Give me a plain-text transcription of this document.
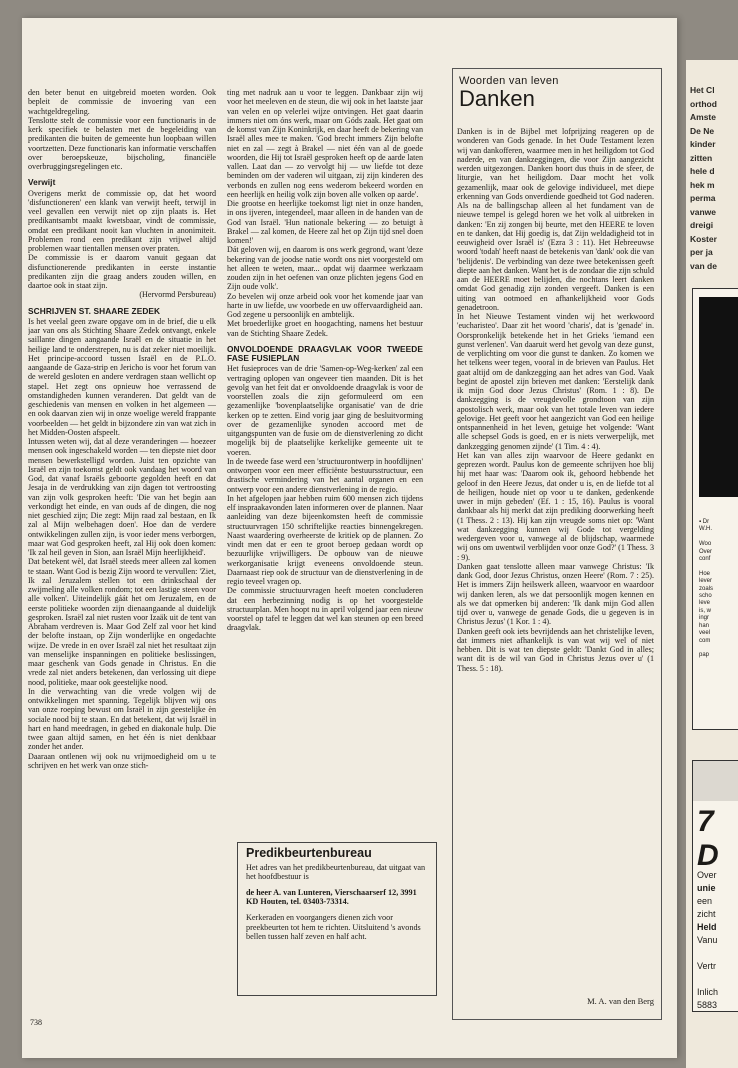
den beter benut en uitgebreid moeten worden. Ook bepleit de commissie de invoering van een wachtgeldregeling.

Tenslotte stelt de commissie voor een functionaris in de kerk specifiek te belasten met de begeleiding van predikanten die buiten de gemeente hun loopbaan willen voortzetten. Deze functionaris kan informatie verschaffen over beroepskeuze, bijscholing, financiële overbruggingsregelingen etc.

Verwijt

Overigens merkt de commissie op, dat het woord 'disfunctioneren' een klank van verwijt heeft, terwijl in veel gevallen een verwijt niet op zijn plaats is. Het predikantsambt maakt kwetsbaar, vindt de commissie, omdat een predikant nooit kan vluchten in anonimiteit. Problemen rond een predikant zijn vrijwel altijd problemen waar tientallen mensen over praten.

De commissie is er daarom vanuit gegaan dat disfunctionerende predikanten in eerste instantie predikanten zijn die graag anders zouden willen, en daartoe ook in staat zijn.

(Hervormd Persbureau)

SCHRIJVEN ST. SHAARE ZEDEK

Is het veelal geen zware opgave om in de brief, die u elk jaar van ons als Stichting Shaare Zedek ontvangt, enkele saillante dingen aangaande Israël en de situatie in het heilige land te onderstrepen, nu is dat zeker niet moeilijk. Het principe-accoord tussen Israël en de P.L.O. aangaande de Gaza-strip en Jericho is voor het forum van de wereld gesloten en andere verdragen staan wellicht op stapel. Het zegt ons opnieuw hoe verrassend de omstandigheden kunnen veranderen. Dat geldt van de geschiedenis van mensen en volken in het algemeen — en ook daarvan zien wij in onze woelige wereld frappante voorbeelden — het geldt in bijzondere zin van wat zich in het Midden-Oosten afspeelt.

Intussen weten wij, dat al deze veranderingen — hoezeer mensen ook ingeschakeld worden — ten diepste niet door mensen bewerkstelligd worden. Juist ten opzichte van Israël en zijn toekomst geldt ook vandaag het woord van God, dat vanaf Israëls geboorte gegolden heeft en dat Jesaja in de verdrukking van zijn dagen tot vertroosting van zijn volk gesproken heeft: 'Die van het begin aan verkondigt het einde, en van ouds af de dingen, die nog niet geschied zijn; Die zegt: Mijn raad zal bestaan, en Ik zal al Mijn welbehagen doen'. Hoe dan de verdere ontwikkelingen zullen zijn, is voor ieder mens verborgen, maar wat God gesproken heeft, zal Hij ook doen komen: 'Ik zal heil geven in Sion, aan Israël Mijn heerlijkheid'.

Dat betekent wèl, dat Israël steeds meer alleen zal komen te staan. Want God is bezig Zijn woord te vervullen: 'Ziet, Ik zal Jeruzalem stellen tot een drinkschaal der zwijmeling alle volken rondom; tot een lastige steen voor alle volken'. Uiteindelijk gáát het om Jeruzalem, en de eerste politieke woorden zijn dienaangaande al duidelijk gesproken. Israël zal niet rusten voor Izaäk uit de tent van Abraham verdreven is. Maar God Zelf zal voor het kind der belofte instaan, op Zijn wonderlijke en ongedachte wijze. De vrede in en over Israël zal niet het resultaat zijn van menselijke inspanningen en politieke beslissingen, maar geschenk van Gods genade in Christus. En die vrede zal niet anders betekenen, dan verlossing uit diepe nood, politieke, maar ook geestelijke nood.

In die verwachting van die vrede volgen wij de ontwikkelingen met spanning. Tegelijk blijven wij ons van onze roeping bewust om Israël in zijn geestelijke èn sociale nood bij te staan. En dat betekent, dat wij Israël in hart en hand meedragen, in gebed en diakonale hulp. Die twee gaan altijd samen, en het één is niet denkbaar zonder het ander.

Daaraan ontlenen wij ook nu vrijmoedigheid om u te schrijven en het werk van onze stich-

ting met nadruk aan u voor te leggen. Dankbaar zijn wij voor het meeleven en de steun, die wij ook in het laatste jaar van velen en op velerlei wijze ontvingen. Het gaat daarin immers niet om óns werk, maar om Góds zaak. Het gaat om de komst van Zijn Koninkrijk, en daar heeft de bekering van Israël alles mee te maken. 'God brecht immers Zijn belofte niet en zal — zegt à Brakel — niet één van al de goede woorden, die Hij tot Israël gesproken heeft op de aarde laten vallen. Laat dan — zo vervolgt hij — uw liefde tot deze beminden om der vaderen wil uitgaan, zij zijn kinderen des verbonds en zullen nog eens wederom bekeerd worden en een heerlijk en heilig volk zijn boven alle volken op aarde'.

Die grootse en heerlijke toekomst ligt niet in onze handen, in ons ijveren, integendeel, maar alleen in de handen van de God van Israël. 'Hun nationale bekering — zo betuigt à Brakel — zal komen, de Heere zal het op Zijn tijd snel doen komen!'

Dát geloven wij, en daarom is ons werk gegrond, want 'deze bekering van de joodse natie wordt ons niet voorgesteld om het alleen te weten, maar... opdat wij daarmee werkzaam zouden zijn in het oefenen van onze plichten jegens God en Zijn oude volk'.

Zo bevelen wij onze arbeid ook voor het komende jaar van harte in uw liefde, uw voorbede en uw offervaardigheid aan.

God zegene u persoonlijk en ambtelijk.

Met broederlijke groet en hoogachting, namens het bestuur van de Stichting Shaare Zedek.

ONVOLDOENDE DRAAGVLAK VOOR TWEEDE FASE FUSIEPLAN

Het fusieproces van de drie 'Samen-op-Weg-kerken' zal een vertraging oplopen van ongeveer tien maanden. Dit is het gevolg van het feit dat er onvoldoende draagvlak is voor de voorstellen zoals die zijn geformuleerd om een gezamenlijke 'bovenplaatselijke organisatie' van de drie kerken op te zetten. Eind vorig jaar ging de besluitvorming over de gezamenlijke synoden accoord met de uitgangspunten van de fusie om de dienstverlening zo dicht mogelijk bij de plaatselijke kerkelijke gemeente uit te voeren.

In de tweede fase werd een 'structuurontwerp in hoofdlijnen' ontworpen voor een meer efficiënte bestuursstructuur, een drastische vermindering van het aantal organen en een ontwerp voor een andere dienstverlening in de regio.

In het afgelopen jaar hebben ruim 600 mensen zich tijdens elf inspraakavonden laten informeren over de plannen. Naar aanleiding van deze bijeenkomsten heeft de commissie structuurvragen 150 schriftelijke reacties binnengekregen. Naast waardering overheerste de kritiek op de plannen. Zo vindt men dat er een te groot beroep gedaan wordt op bezuurlijke vrijwilligers. De opbouw van de nieuwe werkorganisatie krijgt eveneens onvoldoende steun. Daarnaast riep ook de structuur van de dienstverlening in de regio teveel vragen op.

De commissie structuurvragen heeft moeten concluderen dat een herbezinning nodig is op het voorgestelde structuurplan. Men hoopt nu in april volgend jaar een nieuw voorstel op tafel te leggen dat wel kan steunen op een breed draagvlak.

Predikbeurtenbureau

Het adres van het predikbeurtenbureau, dat uitgaat van het hoofdbestuur is

de heer A. van Lunteren, Vierschaarserf 12, 3991 KD Houten, tel. 03403-73314.

Kerkeraden en voorgangers dienen zich voor preekbeurten tot hem te richten. Uitsluitend 's avonds bellen tussen half zeven en half acht.

Woorden van leven
Danken

Danken is in de Bijbel met lofprijzing reageren op de wonderen van Gods genade. In het Oude Testament lezen wij van dankofferen, waarmee men in het heiligdom tot God naderde, en van dankzeggingen, die voor Zijn aangezicht werden uitgezongen. Danken hoort dus thuis in de sfeer, de liturgie, van het heiligdom. Daar mocht het volk gezamenlijk, maar ook de gelovige individueel, met diepe erkenning van Gods onverdiende goedheid tot God naderen. Als na de ballingschap alleen al het fundament van de nieuwe tempel is gelegd horen we het volk al uitbreken in danken: 'En zij zongen bij beurte, met den HEERE te loven en te danken, dat Hij goedig is, dat Zijn weldadigheid tot in eeuwigheid over Israël is' (Ezra 3 : 11). Het Hebreeuwse woord 'todah' heeft naast de betekenis van 'dank' ook die van 'belijdenis'. De verbinding van deze twee betekenissen geeft diepte aan het danken. Want het is de zondaar die zijn schuld aan de HEERE moet belijden, die nochtans leert danken omdat God genadig zijn zonden vergeeft. Danken is een uiting van ootmoed en afhankelijkheid voor Gods genadetroon.

In het Nieuwe Testament vinden wij het werkwoord 'eucharisteo'. Daar zit het woord 'charis', dat is 'genade' in. Oorspronkelijk betekende het in het Grieks 'iemand een gunst verlenen'. Van daaruit werd het gevolg van deze gunst, de verplichting om voor die gunst te danken. Zo komen we het telkens weer tegen, vooral in de brieven van Paulus. Het gaat altijd om de dankzegging aan het adres van God. Vaak begint de apostel zijn brieven met danken: 'Eerstelijk dank ik mijn God door Jezus Christus' (Rom. 1 : 8). De dankzegging is de vreugdevolle grondtoon van zijn apostolisch werk, maar ook van het totale leven van iedere gelovige. Het geeft voor het aangezicht van God een heilige ontspannenheid in het leven, getuige het volgende: 'Want alle schepsel Gods is goed, en er is niets verwerpelijk, met dankzegging genomen zijnde' (1 Tim. 4 : 4).

Het kan van alles zijn waarvoor de Heere gedankt en geprezen wordt. Paulus kon de gemeente schrijven hoe blij hij met haar was: 'Daarom ook ik, gehoord hebbende het geloof in den Heere Jezus, dat onder u is, en de liefde tot al de heiligen, houde niet op voor u te danken, gedenkende uwer in mijn gebeden' (Ef. 1 : 15, 16). Paulus is vooral dankbaar als hij merkt dat zijn prediking doorwerking heeft (1 Thess. 2 : 13). Hij kan zijn vreugde soms niet op: 'Want wat dankzegging kunnen wij Gode tot vergelding wedergeven voor u, vanwege al de blijdschap, waarmede wij ons om uwentwil verblijden voor onze God?' (1 Thess. 3 : 9).

Danken gaat tenslotte alleen maar vanwege Christus: 'Ik dank God, door Jezus Christus, onzen Heere' (Rom. 7 : 25). Het is immers Zijn heilswerk alleen, waarvoor en waardoor wij danken leren, als we dat persoonlijk mogen kennen en als we dat opmerken bij anderen: 'Ik dank mijn God allen tijd over u, vanwege de genade Gods, die u gegeven is in Christus Jezus' (1 Kor. 1 : 4).

Danken geeft ook iets bevrijdends aan het christelijke leven, dat immers niet afhankelijk is van wat wij wel of niet hebben. Dit is wat ten diepste geldt: 'Dankt God in alles; want dit is de wil van God in Christus Jezus over u' (1 Thess. 5 : 18).

M. A. van den Berg
738
Het Cl
orthod
Amste
De Ne
kinder
zitten
hele d
hek m
perma
vanwe
dreigi
Koster
per ja
van de
▪ Dr
W.H.

Woo
Over
conf

Hoe
lever
zoals
scho
leve
is, w
ingr
han
veel
com

pap
7 D
Over
unie
een
zicht
Held
Vanu

Vertr

Inlich
5883
